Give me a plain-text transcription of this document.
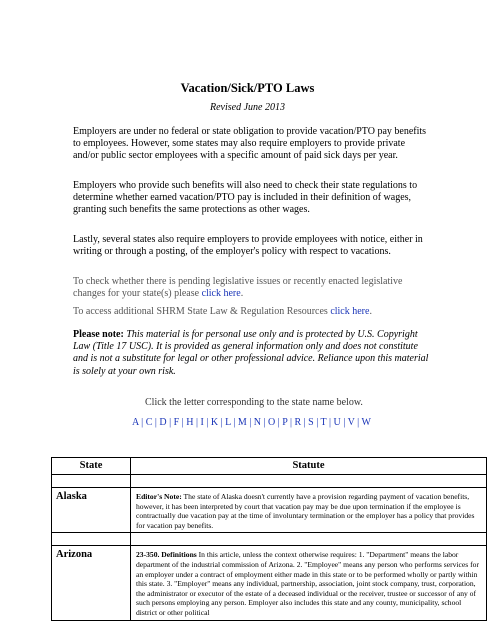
Vacation/Sick/PTO Laws
Revised June 2013
Employers are under no federal or state obligation to provide vacation/PTO pay benefits to employees. However, some states may also require employers to provide private and/or public sector employees with a specific amount of paid sick days per year.
Employers who provide such benefits will also need to check their state regulations to determine whether earned vacation/PTO pay is included in their definition of wages, granting such benefits the same protections as other wages.
Lastly, several states also require employers to provide employees with notice, either in writing or through a posting, of the employer's policy with respect to vacations.
To check whether there is pending legislative issues or recently enacted legislative changes for your state(s) please click here.
To access additional SHRM State Law & Regulation Resources click here.
Please note: This material is for personal use only and is protected by U.S. Copyright Law (Title 17 USC). It is provided as general information only and does not constitute and is not a substitute for legal or other professional advice. Reliance upon this material is solely at your own risk.
Click the letter corresponding to the state name below.
A | C | D | F | H | I | K | L | M | N | O | P | R | S | T | U | V | W
State	Statute

Alaska	Editor's Note: The state of Alaska doesn't currently have a provision regarding payment of vacation benefits, however, it has been interpreted by court that vacation pay may be due upon termination if the employee is contractually due vacation pay at the time of involuntary termination or the employer has a policy that provides for vacation pay benefits.

Arizona	23-350. Definitions In this article, unless the context otherwise requires: 1. "Department" means the labor department of the industrial commission of Arizona. 2. "Employee" means any person who performs services for an employer under a contract of employment either made in this state or to be performed wholly or partly within this state. 3. "Employer" means any individual, partnership, association, joint stock company, trust, corporation, the administrator or executor of the estate of a deceased individual or the receiver, trustee or successor of any of such persons employing any person. Employer also includes this state and any county, municipality, school district or other political
